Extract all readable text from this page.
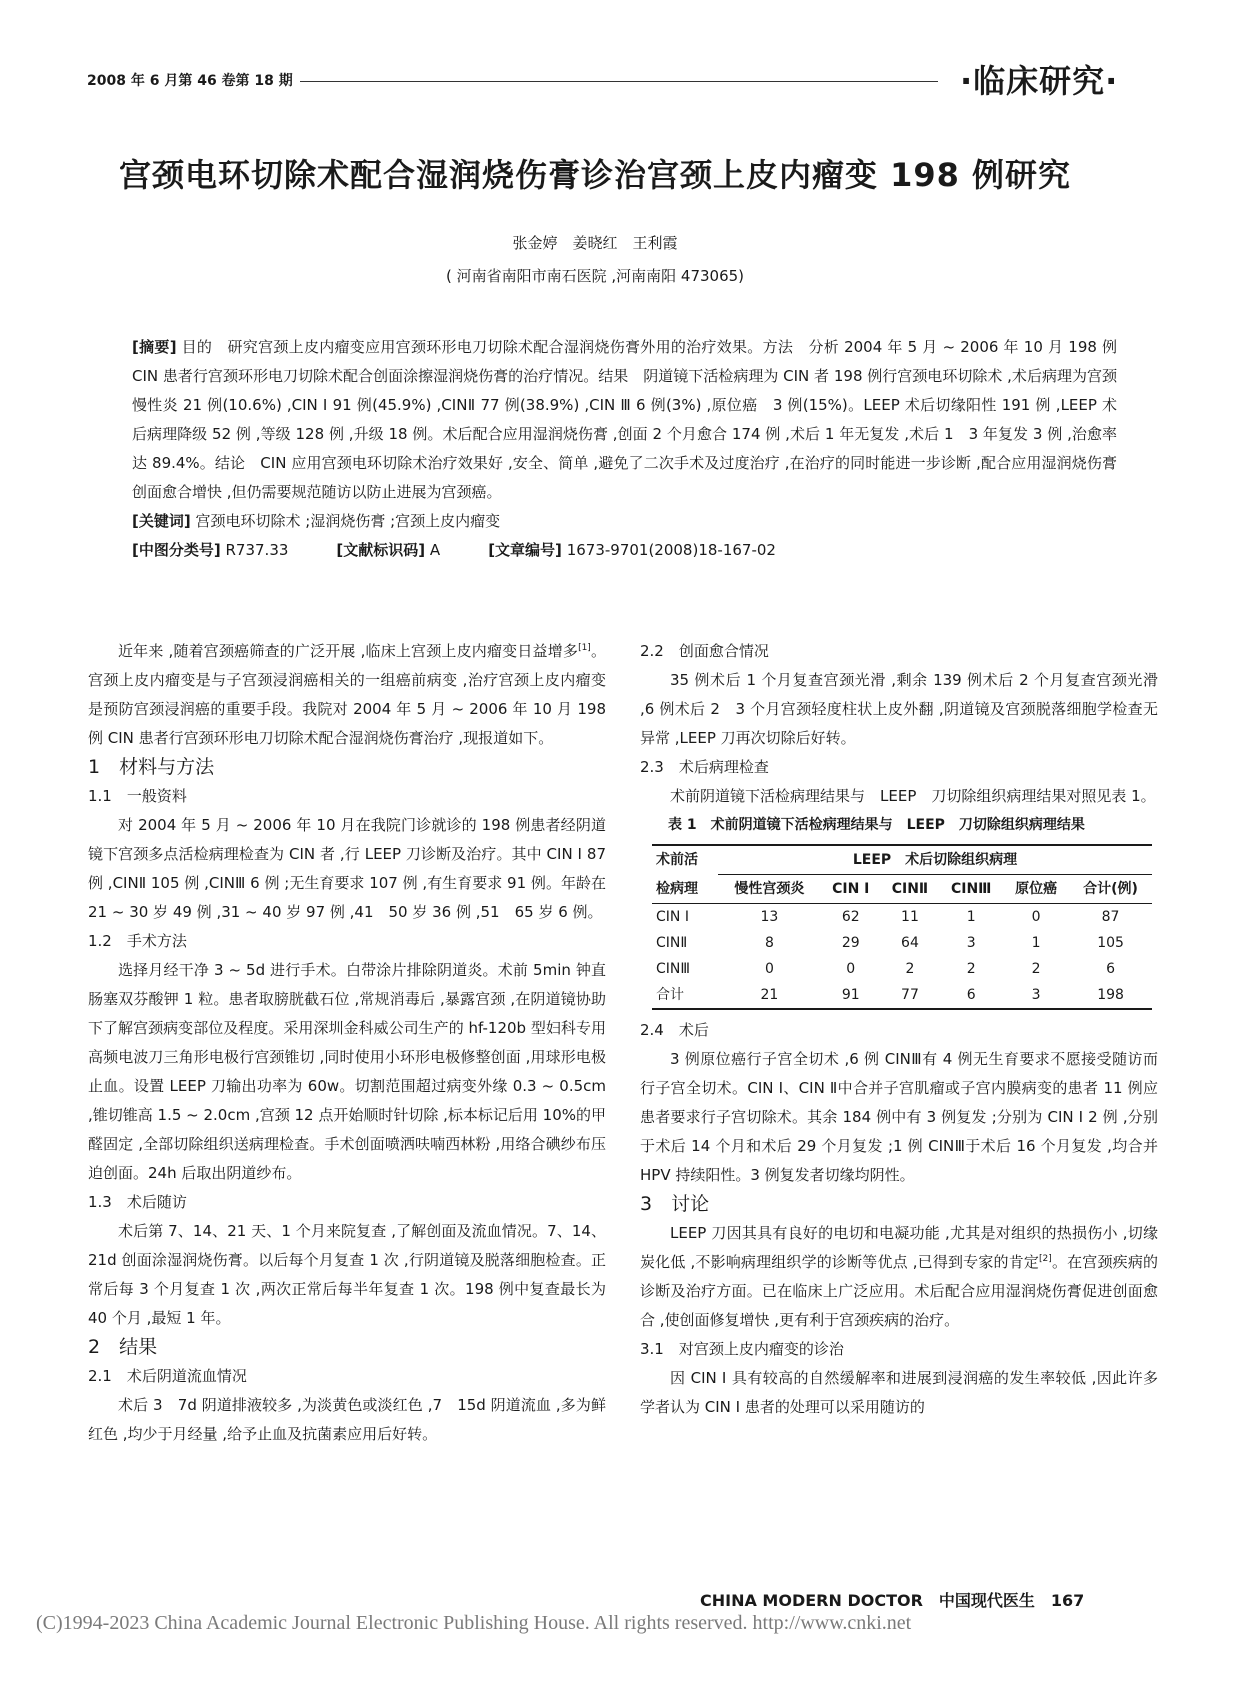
2008 年 6 月第 46 卷第 18 期	·临床研究·
宫颈电环切除术配合湿润烧伤膏诊治宫颈上皮内瘤变 198 例研究
张金婷　姜晓红　王利霞
( 河南省南阳市南石医院 ,河南南阳 473065)

[摘要] 目的　研究宫颈上皮内瘤变应用宫颈环形电刀切除术配合湿润烧伤膏外用的治疗效果。方法　分析 2004 年 5 月 ~ 2006 年 10 月 198 例 CIN 患者行宫颈环形电刀切除术配合创面涂擦湿润烧伤膏的治疗情况。结果　阴道镜下活检病理为 CIN 者 198 例行宫颈电环切除术 ,术后病理为宫颈慢性炎 21 例(10.6%) ,CIN Ⅰ 91 例(45.9%) ,CINⅡ 77 例(38.9%) ,CIN Ⅲ 6 例(3%) ,原位癌　3 例(15%)。LEEP 术后切缘阳性 191 例 ,LEEP 术后病理降级 52 例 ,等级 128 例 ,升级 18 例。术后配合应用湿润烧伤膏 ,创面 2 个月愈合 174 例 ,术后 1 年无复发 ,术后 1　3 年复发 3 例 ,治愈率达 89.4%。结论　CIN 应用宫颈电环切除术治疗效果好 ,安全、简单 ,避免了二次手术及过度治疗 ,在治疗的同时能进一步诊断 ,配合应用湿润烧伤膏创面愈合增快 ,但仍需要规范随访以防止进展为宫颈癌。

[关键词] 宫颈电环切除术 ;湿润烧伤膏 ;宫颈上皮内瘤变

[中图分类号] R737.33	[文献标识码] A	[文章编号] 1673-9701(2008)18-167-02

近年来 ,随着宫颈癌筛查的广泛开展 ,临床上宫颈上皮内瘤变日益增多[1]。宫颈上皮内瘤变是与子宫颈浸润癌相关的一组癌前病变 ,治疗宫颈上皮内瘤变是预防宫颈浸润癌的重要手段。我院对 2004 年 5 月 ~ 2006 年 10 月 198 例 CIN 患者行宫颈环形电刀切除术配合湿润烧伤膏治疗 ,现报道如下。

1　材料与方法

1.1　一般资料

对 2004 年 5 月 ~ 2006 年 10 月在我院门诊就诊的 198 例患者经阴道镜下宫颈多点活检病理检查为 CIN 者 ,行 LEEP 刀诊断及治疗。其中 CIN Ⅰ 87 例 ,CINⅡ 105 例 ,CINⅢ 6 例 ;无生育要求 107 例 ,有生育要求 91 例。年龄在 21 ~ 30 岁 49 例 ,31 ~ 40 岁 97 例 ,41　50 岁 36 例 ,51　65 岁 6 例。

1.2　手术方法

选择月经干净 3 ~ 5d 进行手术。白带涂片排除阴道炎。术前 5min 钟直肠塞双芬酸钾 1 粒。患者取膀胱截石位 ,常规消毒后 ,暴露宫颈 ,在阴道镜协助下了解宫颈病变部位及程度。采用深圳金科威公司生产的 hf-120b 型妇科专用高频电波刀三角形电极行宫颈锥切 ,同时使用小环形电极修整创面 ,用球形电极止血。设置 LEEP 刀输出功率为 60w。切割范围超过病变外缘 0.3 ~ 0.5cm ,锥切锥高 1.5 ~ 2.0cm ,宫颈 12 点开始顺时针切除 ,标本标记后用 10%的甲醛固定 ,全部切除组织送病理检查。手术创面喷洒呋喃西林粉 ,用络合碘纱布压迫创面。24h 后取出阴道纱布。

1.3　术后随访

术后第 7、14、21 天、1 个月来院复查 ,了解创面及流血情况。7、14、21d 创面涂湿润烧伤膏。以后每个月复查 1 次 ,行阴道镜及脱落细胞检查。正常后每 3 个月复查 1 次 ,两次正常后每半年复查 1 次。198 例中复查最长为 40 个月 ,最短 1 年。

2　结果

2.1　术后阴道流血情况

术后 3　7d 阴道排液较多 ,为淡黄色或淡红色 ,7　15d 阴道流血 ,多为鲜红色 ,均少于月经量 ,给予止血及抗菌素应用后好转。

2.2　创面愈合情况

35 例术后 1 个月复查宫颈光滑 ,剩余 139 例术后 2 个月复查宫颈光滑 ,6 例术后 2　3 个月宫颈轻度柱状上皮外翻 ,阴道镜及宫颈脱落细胞学检查无异常 ,LEEP 刀再次切除后好转。

2.3　术后病理检查

术前阴道镜下活检病理结果与　LEEP　刀切除组织病理结果对照见表 1。

表 1　术前阴道镜下活检病理结果与　LEEP　刀切除组织病理结果

术前活	LEEP　术后切除组织病理					
检病理	慢性宫颈炎	CIN Ⅰ	CINⅡ	CINⅢ	原位癌	合计(例)
CIN Ⅰ	13	62	11	1	0	87
CINⅡ	8	29	64	3	1	105
CINⅢ	0	0	2	2	2	6
合计	21	91	77	6	3	198

2.4　术后

3 例原位癌行子宫全切术 ,6 例 CINⅢ有 4 例无生育要求不愿接受随访而行子宫全切术。CIN Ⅰ、CIN Ⅱ中合并子宫肌瘤或子宫内膜病变的患者 11 例应患者要求行子宫切除术。其余 184 例中有 3 例复发 ;分别为 CIN Ⅰ 2 例 ,分别于术后 14 个月和术后 29 个月复发 ;1 例 CINⅢ于术后 16 个月复发 ,均合并 HPV 持续阳性。3 例复发者切缘均阴性。

3　讨论

LEEP 刀因其具有良好的电切和电凝功能 ,尤其是对组织的热损伤小 ,切缘炭化低 ,不影响病理组织学的诊断等优点 ,已得到专家的肯定[2]。在宫颈疾病的诊断及治疗方面。已在临床上广泛应用。术后配合应用湿润烧伤膏促进创面愈合 ,使创面修复增快 ,更有利于宫颈疾病的治疗。

3.1　对宫颈上皮内瘤变的诊治

因 CIN Ⅰ 具有较高的自然缓解率和进展到浸润癌的发生率较低 ,因此许多学者认为 CIN Ⅰ 患者的处理可以采用随访的

CHINA MODERN DOCTOR　中国现代医生　167
(C)1994-2023 China Academic Journal Electronic Publishing House. All rights reserved. http://www.cnki.net
